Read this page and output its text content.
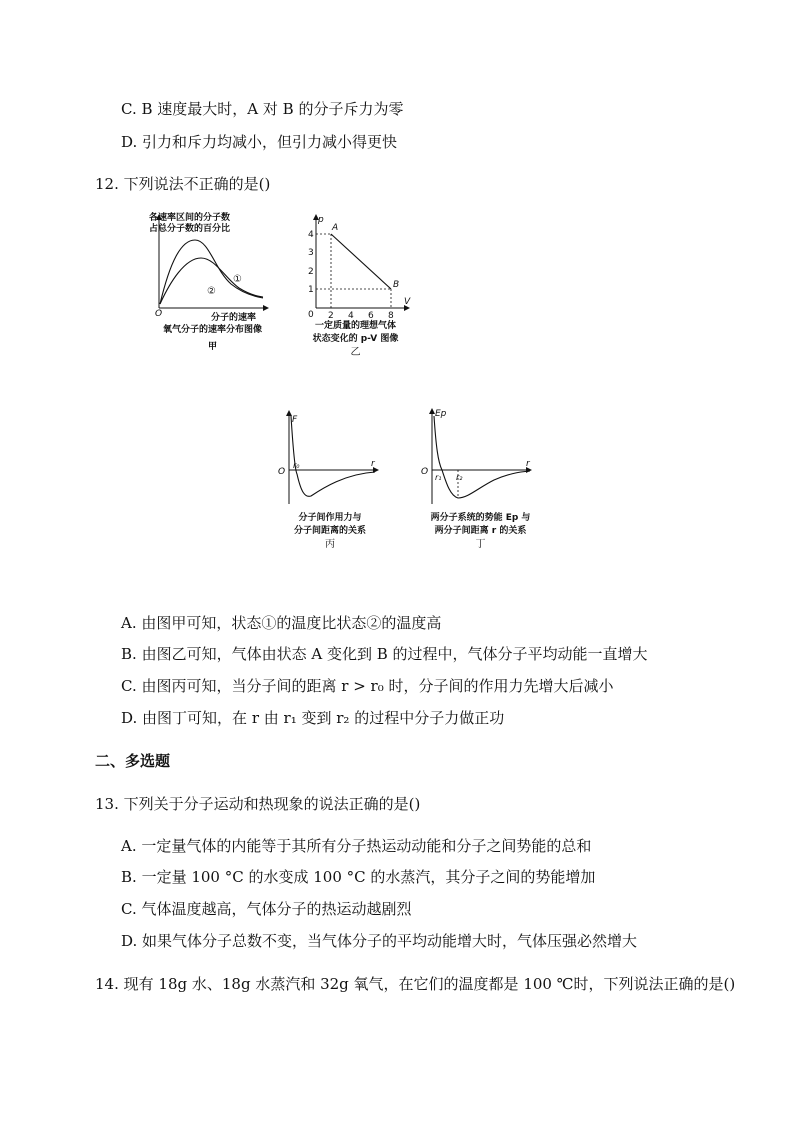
C. B 速度最大时，A 对 B 的分子斥力为零
D. 引力和斥力均减小，但引力减小得更快
12. 下列说法不正确的是()
各速率区间的分子数
占总分子数的百分比
O
①
②
分子的速率
氧气分子的速率分布图像
甲
p
V
0
A
B
4
3
2
1
2 4 6 8
一定质量的理想气体
状态变化的 p-V 图像
乙
F
r
O
r₀
分子间作用力与
分子间距离的关系
丙
Ep
r
O
r₁ r₂
两分子系统的势能 Ep 与
两分子间距离 r 的关系
丁
A. 由图甲可知，状态①的温度比状态②的温度高
B. 由图乙可知，气体由状态 A 变化到 B 的过程中，气体分子平均动能一直增大
C. 由图丙可知，当分子间的距离 r > r₀ 时，分子间的作用力先增大后减小
D. 由图丁可知，在 r 由 r₁ 变到 r₂ 的过程中分子力做正功
二、多选题
13. 下列关于分子运动和热现象的说法正确的是()
A. 一定量气体的内能等于其所有分子热运动动能和分子之间势能的总和
B. 一定量 100 °C 的水变成 100 °C 的水蒸汽，其分子之间的势能增加
C. 气体温度越高，气体分子的热运动越剧烈
D. 如果气体分子总数不变，当气体分子的平均动能增大时，气体压强必然增大
14. 现有 18g 水、18g 水蒸汽和 32g 氧气，在它们的温度都是 100 ℃时，下列说法正确的是()
